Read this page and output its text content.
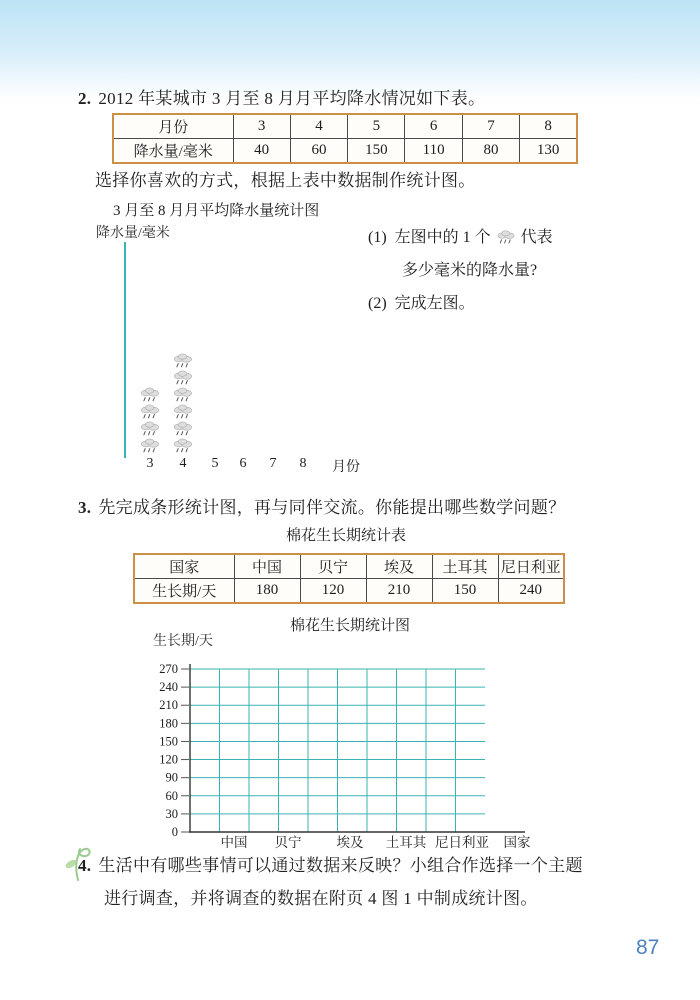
2. 2012 年某城市 3 月至 8 月月平均降水情况如下表。
月份	3	4	5	6	7	8
降水量/毫米	40	60	150	110	80	130
选择你喜欢的方式，根据上表中数据制作统计图。
3 月至 8 月月平均降水量统计图
降水量/毫米
3 4 5 6 7 8 月份
(1) 左图中的 1 个 代表
多少毫米的降水量?
(2) 完成左图。
3. 先完成条形统计图，再与同伴交流。你能提出哪些数学问题？
棉花生长期统计表
国家	中国	贝宁	埃及	土耳其	尼日利亚
生长期/天	180	120	210	150	240
棉花生长期统计图
生长期/天
0
30
60
90
120
150
180
210
240
270
中国 贝宁	埃及 土耳其 尼日利亚 国家
4. 生活中有哪些事情可以通过数据来反映？小组合作选择一个主题
进行调查，并将调查的数据在附页 4 图 1 中制成统计图。
87
